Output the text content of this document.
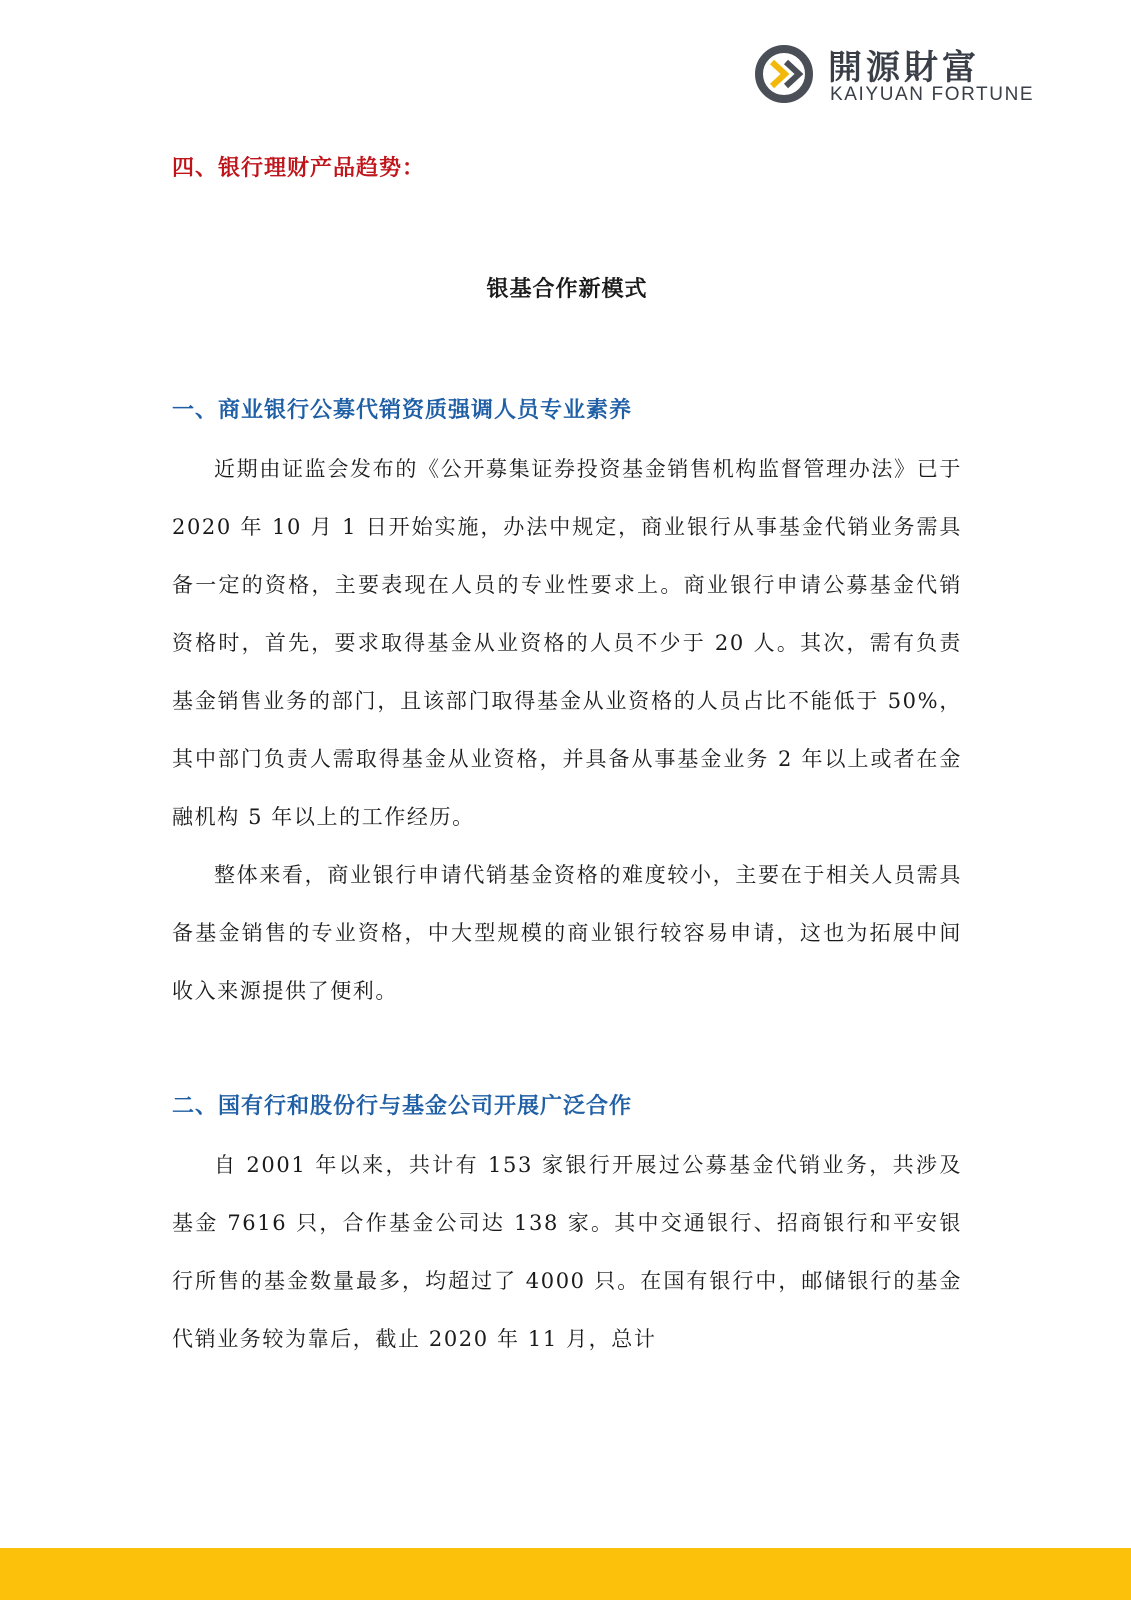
開源財富
KAIYUAN FORTUNE
四、银行理财产品趋势：
银基合作新模式
一、商业银行公募代销资质强调人员专业素养

近期由证监会发布的《公开募集证券投资基金销售机构监督管理办法》已于 2020 年 10 月 1 日开始实施，办法中规定，商业银行从事基金代销业务需具备一定的资格，主要表现在人员的专业性要求上。商业银行申请公募基金代销资格时，首先，要求取得基金从业资格的人员不少于 20 人。其次，需有负责基金销售业务的部门，且该部门取得基金从业资格的人员占比不能低于 50%，其中部门负责人需取得基金从业资格，并具备从事基金业务 2 年以上或者在金融机构 5 年以上的工作经历。

整体来看，商业银行申请代销基金资格的难度较小，主要在于相关人员需具备基金销售的专业资格，中大型规模的商业银行较容易申请，这也为拓展中间收入来源提供了便利。

二、国有行和股份行与基金公司开展广泛合作

自 2001 年以来，共计有 153 家银行开展过公募基金代销业务，共涉及基金 7616 只，合作基金公司达 138 家。其中交通银行、招商银行和平安银行所售的基金数量最多，均超过了 4000 只。在国有银行中，邮储银行的基金代销业务较为靠后，截止 2020 年 11 月，总计
